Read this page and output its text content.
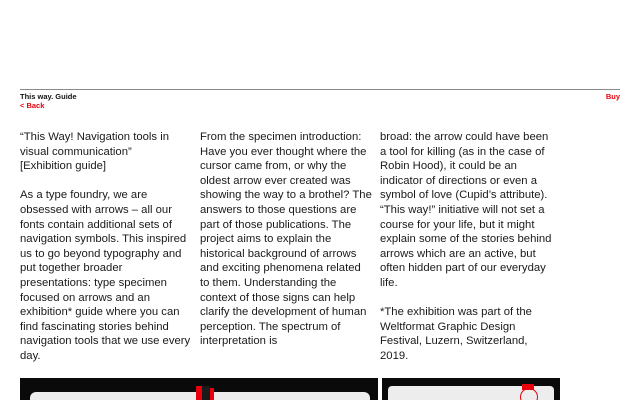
This way. Guide
< Back
Buy

“This Way! Navigation tools in visual communication”
[Exhibition guide]

As a type foundry, we are obsessed with arrows – all our fonts contain additional sets of navigation symbols. This inspired us to go beyond typography and put together broader presentations: type specimen focused on arrows and an exhibition* guide where you can find fascinating stories behind navigation tools that we use every day.

From the specimen introduction: Have you ever thought where the cursor came from, or why the oldest arrow ever created was showing the way to a brothel? The answers to those questions are part of those publications. The project aims to explain the historical background of arrows and exciting phenomena related to them. Understanding the context of those signs can help clarify the development of human perception. The spectrum of interpretation is

broad: the arrow could have been a tool for killing (as in the case of Robin Hood), it could be an indicator of directions or even a symbol of love (Cupid’s attribute). “This way!” initiative will not set a course for your life, but it might explain some of the stories behind arrows which are an active, but often hidden part of our everyday life.

*The exhibition was part of the Weltformat Graphic Design Festival, Luzern, Switzerland, 2019.
